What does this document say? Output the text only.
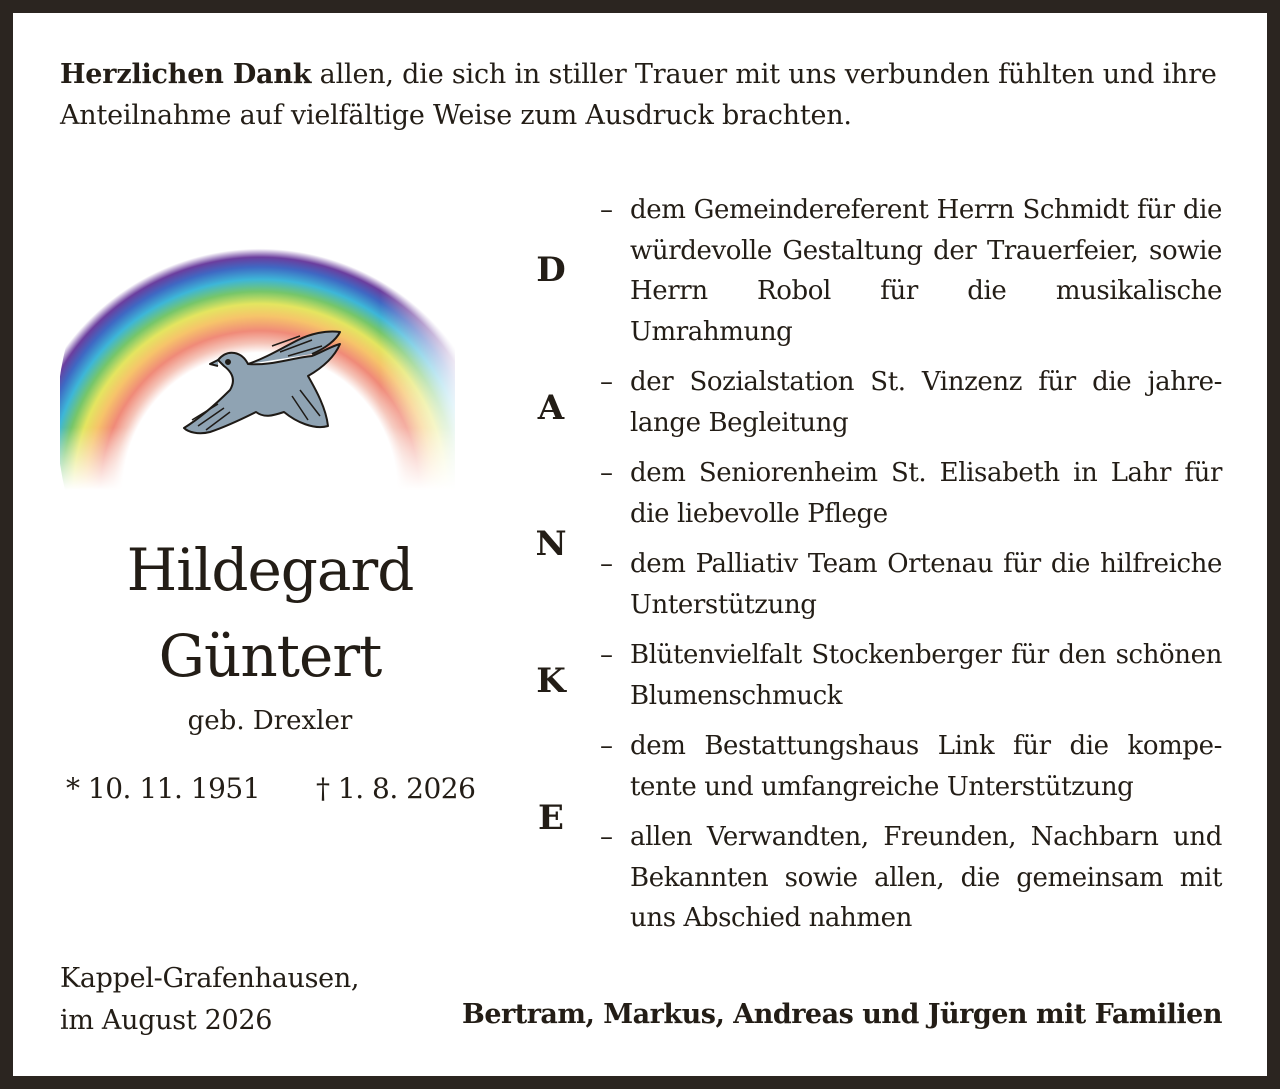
Herzlichen Dank allen, die sich in stiller Trauer mit uns verbunden fühlten und ihre Anteilnahme auf vielfältige Weise zum Ausdruck brachten.
Hildegard
Güntert
geb. Drexler
* 10. 11. 1951 † 1. 8. 2026
D
A
N
K
E
– dem Gemeindereferent Herrn Schmidt für die würdevolle Gestaltung der Trauerfeier, sowie Herrn Robol für die musikalische Umrahmung
– der Sozialstation St. Vinzenz für die jahre-lange Begleitung
– dem Seniorenheim St. Elisabeth in Lahr für die liebevolle Pflege
– dem Palliativ Team Ortenau für die hilfreiche Unterstützung
– Blütenvielfalt Stockenberger für den schönen Blumenschmuck
– dem Bestattungshaus Link für die kompe-tente und umfangreiche Unterstützung
– allen Verwandten, Freunden, Nachbarn und Bekannten sowie allen, die gemeinsam mit uns Abschied nahmen
Kappel-Grafenhausen,
im August 2026	Bertram, Markus, Andreas und Jürgen mit Familien
